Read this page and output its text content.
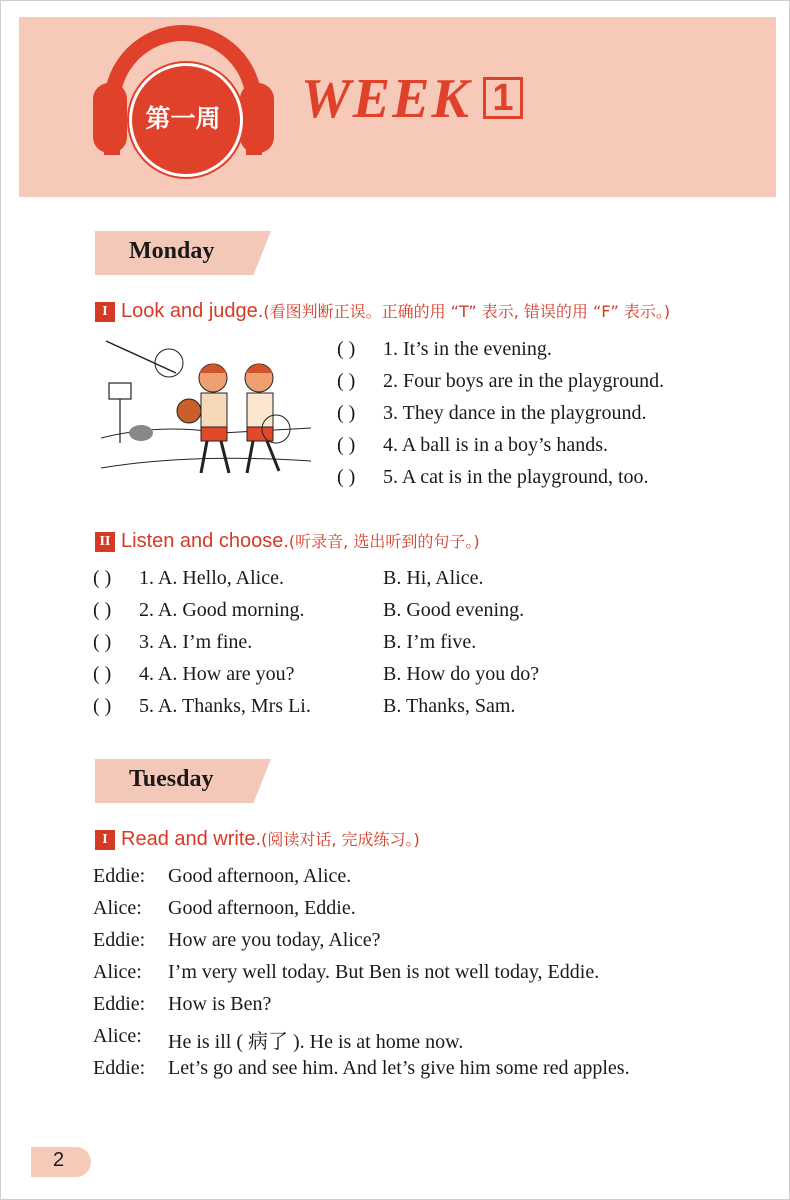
第一周 WEEK 1
Monday
I Look and judge.(看图判断正误。正确的用 “T” 表示, 错误的用 “F” 表示。)
( ) 1. It’s in the evening.
( ) 2. Four boys are in the playground.
( ) 3. They dance in the playground.
( ) 4. A ball is in a boy’s hands.
( ) 5. A cat is in the playground, too.
II Listen and choose.(听录音, 选出听到的句子。)
( ) 1. A. Hello, Alice.	B. Hi, Alice.
( ) 2. A. Good morning.	B. Good evening.
( ) 3. A. I’m fine.	B. I’m five.
( ) 4. A. How are you?	B. How do you do?
( ) 5. A. Thanks, Mrs Li.	B. Thanks, Sam.
Tuesday
I Read and write.(阅读对话, 完成练习。)
Eddie: Good afternoon, Alice.
Alice: Good afternoon, Eddie.
Eddie: How are you today, Alice?
Alice: I’m very well today. But Ben is not well today, Eddie.
Eddie: How is Ben?
Alice: He is ill ( 病了 ). He is at home now.
Eddie: Let’s go and see him. And let’s give him some red apples.
2
